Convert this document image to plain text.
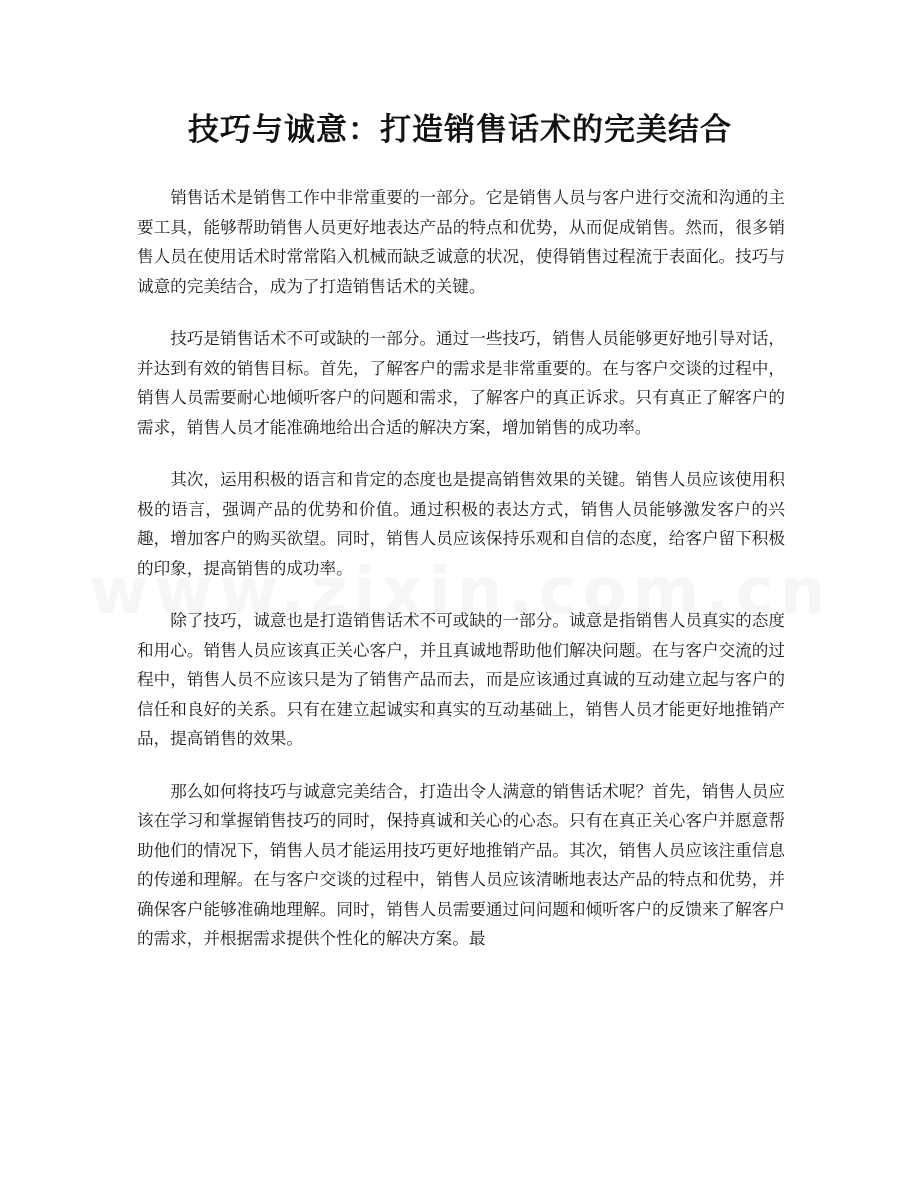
技巧与诚意：打造销售话术的完美结合

销售话术是销售工作中非常重要的一部分。它是销售人员与客户进行交流和沟通的主要工具，能够帮助销售人员更好地表达产品的特点和优势，从而促成销售。然而，很多销售人员在使用话术时常常陷入机械而缺乏诚意的状况，使得销售过程流于表面化。技巧与诚意的完美结合，成为了打造销售话术的关键。

技巧是销售话术不可或缺的一部分。通过一些技巧，销售人员能够更好地引导对话，并达到有效的销售目标。首先，了解客户的需求是非常重要的。在与客户交谈的过程中，销售人员需要耐心地倾听客户的问题和需求，了解客户的真正诉求。只有真正了解客户的需求，销售人员才能准确地给出合适的解决方案，增加销售的成功率。

其次，运用积极的语言和肯定的态度也是提高销售效果的关键。销售人员应该使用积极的语言，强调产品的优势和价值。通过积极的表达方式，销售人员能够激发客户的兴趣，增加客户的购买欲望。同时，销售人员应该保持乐观和自信的态度，给客户留下积极的印象，提高销售的成功率。

除了技巧，诚意也是打造销售话术不可或缺的一部分。诚意是指销售人员真实的态度和用心。销售人员应该真正关心客户，并且真诚地帮助他们解决问题。在与客户交流的过程中，销售人员不应该只是为了销售产品而去，而是应该通过真诚的互动建立起与客户的信任和良好的关系。只有在建立起诚实和真实的互动基础上，销售人员才能更好地推销产品，提高销售的效果。

那么如何将技巧与诚意完美结合，打造出令人满意的销售话术呢？首先，销售人员应该在学习和掌握销售技巧的同时，保持真诚和关心的心态。只有在真正关心客户并愿意帮助他们的情况下，销售人员才能运用技巧更好地推销产品。其次，销售人员应该注重信息的传递和理解。在与客户交谈的过程中，销售人员应该清晰地表达产品的特点和优势，并确保客户能够准确地理解。同时，销售人员需要通过问问题和倾听客户的反馈来了解客户的需求，并根据需求提供个性化的解决方案。最
